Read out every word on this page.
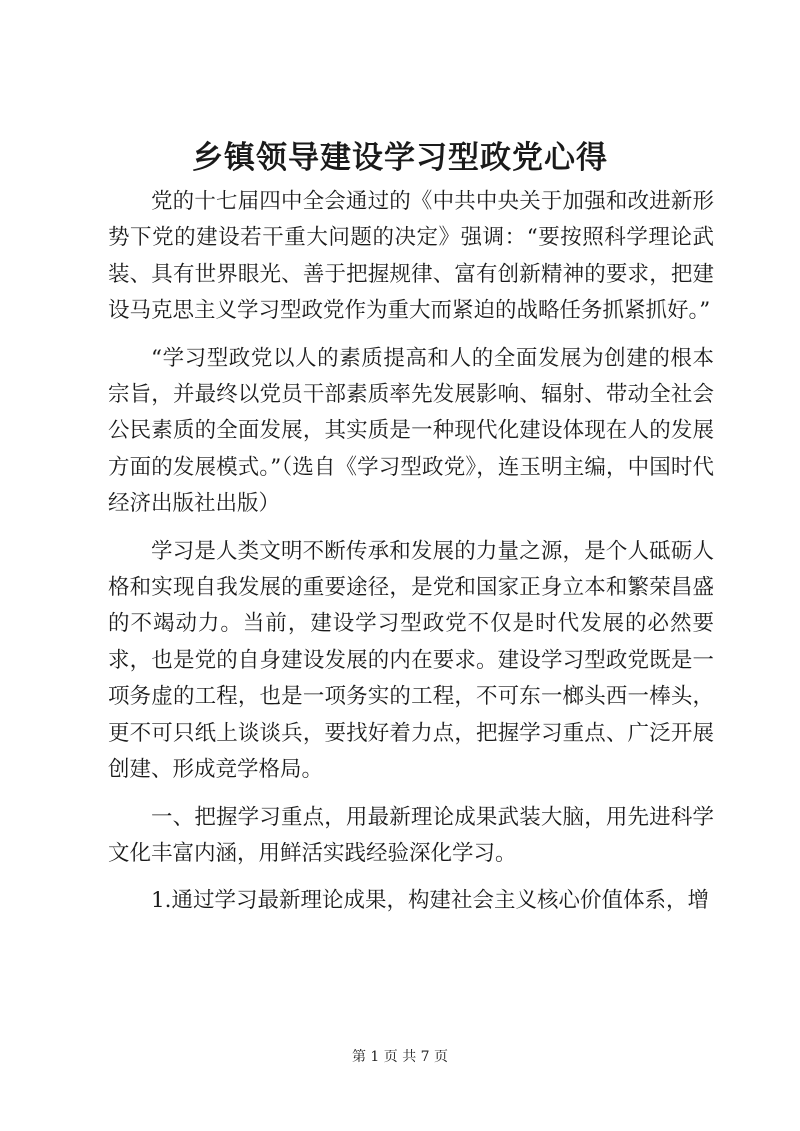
乡镇领导建设学习型政党心得

党的十七届四中全会通过的《中共中央关于加强和改进新形势下党的建设若干重大问题的决定》强调：“要按照科学理论武装、具有世界眼光、善于把握规律、富有创新精神的要求，把建设马克思主义学习型政党作为重大而紧迫的战略任务抓紧抓好。”

“学习型政党以人的素质提高和人的全面发展为创建的根本宗旨，并最终以党员干部素质率先发展影响、辐射、带动全社会公民素质的全面发展，其实质是一种现代化建设体现在人的发展方面的发展模式。”（选自《学习型政党》，连玉明主编，中国时代经济出版社出版）

学习是人类文明不断传承和发展的力量之源，是个人砥砺人格和实现自我发展的重要途径，是党和国家正身立本和繁荣昌盛的不竭动力。当前，建设学习型政党不仅是时代发展的必然要求，也是党的自身建设发展的内在要求。建设学习型政党既是一项务虚的工程，也是一项务实的工程，不可东一榔头西一棒头，更不可只纸上谈谈兵，要找好着力点，把握学习重点、广泛开展创建、形成竞学格局。

一、把握学习重点，用最新理论成果武装大脑，用先进科学文化丰富内涵，用鲜活实践经验深化学习。

1.通过学习最新理论成果，构建社会主义核心价值体系，增

第 1 页 共 7 页
